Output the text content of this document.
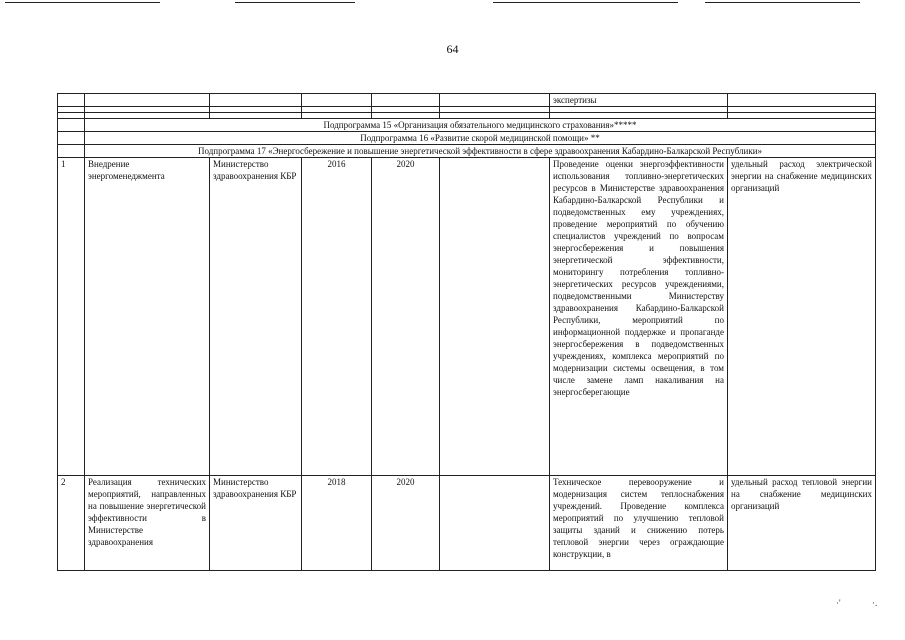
64
						экспертизы	

	Подпрограмма 15 «Организация обязательного медицинского страхования»*****						
	Подпрограмма 16 «Развитие скорой медицинской помощи» **						
	Подпрограмма 17 «Энергосбережение и повышение энергетической эффективности в сфере здравоохранения Кабардино-Балкарской Республики»						
1	Внедрение энергоменеджмента	Министерство здравоохранения КБР	2016	2020		Проведение оценки энергоэффективности использования топливно-энергетических ресурсов в Министерстве здравоохранения Кабардино-Балкарской Республики и подведомственных ему учреждениях, проведение мероприятий по обучению специалистов учреждений по вопросам энергосбережения и повышения энергетической эффективности, мониторингу потребления топливно-энергетических ресурсов учреждениями, подведомственными Министерству здравоохранения Кабардино-Балкарской Республики, мероприятий по информационной поддержке и пропаганде энергосбережения в подведомственных учреждениях, комплекса мероприятий по модернизации системы освещения, в том числе замене ламп накаливания на энергосберегающие	удельный расход электрической энергии на снабжение медицинских организаций
2	Реализация технических мероприятий, направленных на повышение энергетической эффективности в Министерстве здравоохранения	Министерство здравоохранения КБР	2018	2020		Техническое перевооружение и модернизация систем теплоснабжения учреждений. Проведение комплекса мероприятий по улучшению тепловой защиты зданий и снижению потерь тепловой энергии через ограждающие конструкции, в	удельный расход тепловой энергии на снабжение медицинских организаций
·'	·.
